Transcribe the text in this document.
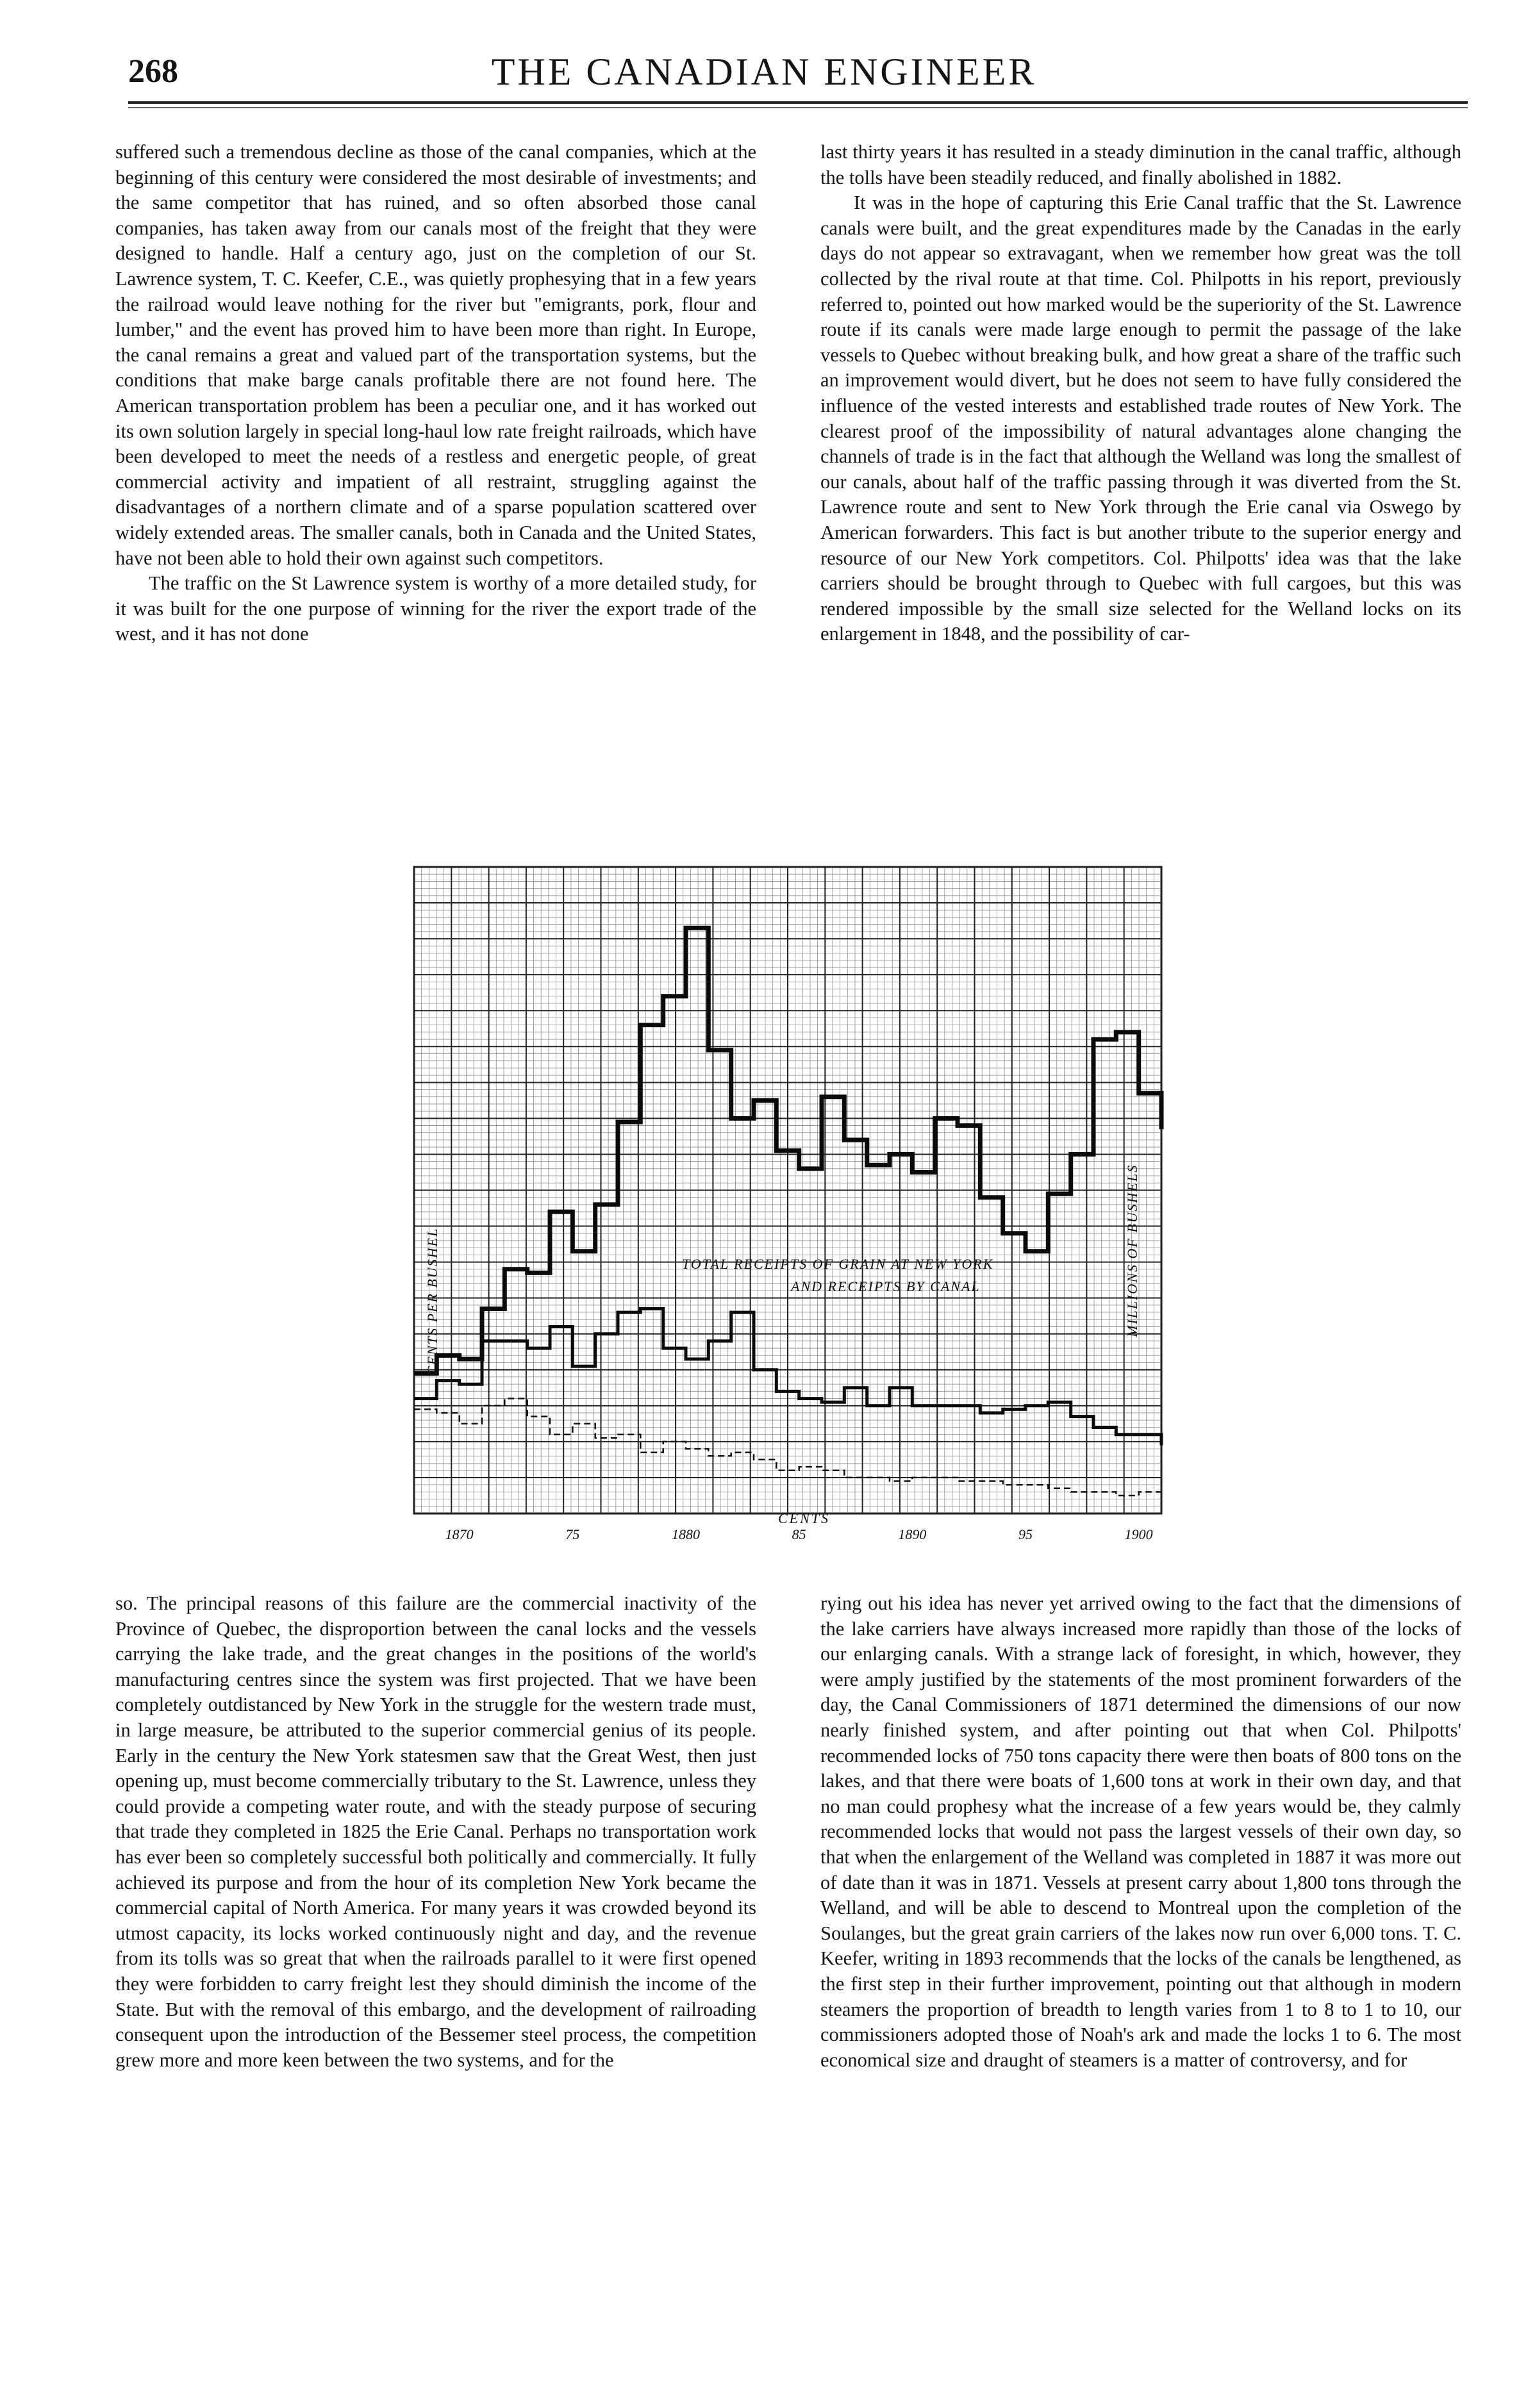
268	THE CANADIAN ENGINEER

suffered such a tremendous decline as those of the canal companies, which at the beginning of this century were considered the most desirable of investments; and the same competitor that has ruined, and so often absorbed those canal companies, has taken away from our canals most of the freight that they were designed to handle. Half a century ago, just on the completion of our St. Lawrence system, T. C. Keefer, C.E., was quietly prophesying that in a few years the railroad would leave nothing for the river but "emigrants, pork, flour and lumber," and the event has proved him to have been more than right. In Europe, the canal remains a great and valued part of the transportation systems, but the conditions that make barge canals profitable there are not found here. The American transportation problem has been a peculiar one, and it has worked out its own solution largely in special long-haul low rate freight railroads, which have been developed to meet the needs of a restless and energetic people, of great commercial activity and impatient of all restraint, struggling against the disadvantages of a northern climate and of a sparse population scattered over widely extended areas. The smaller canals, both in Canada and the United States, have not been able to hold their own against such competitors.

The traffic on the St Lawrence system is worthy of a more detailed study, for it was built for the one purpose of winning for the river the export trade of the west, and it has not done

last thirty years it has resulted in a steady diminution in the canal traffic, although the tolls have been steadily reduced, and finally abolished in 1882.

It was in the hope of capturing this Erie Canal traffic that the St. Lawrence canals were built, and the great expenditures made by the Canadas in the early days do not appear so extravagant, when we remember how great was the toll collected by the rival route at that time. Col. Philpotts in his report, previously referred to, pointed out how marked would be the superiority of the St. Lawrence route if its canals were made large enough to permit the passage of the lake vessels to Quebec without breaking bulk, and how great a share of the traffic such an improvement would divert, but he does not seem to have fully considered the influence of the vested interests and established trade routes of New York. The clearest proof of the impossibility of natural advantages alone changing the channels of trade is in the fact that although the Welland was long the smallest of our canals, about half of the traffic passing through it was diverted from the St. Lawrence route and sent to New York through the Erie canal via Oswego by American forwarders. This fact is but another tribute to the superior energy and resource of our New York competitors. Col. Philpotts' idea was that the lake carriers should be brought through to Quebec with full cargoes, but this was rendered impossible by the small size selected for the Welland locks on its enlargement in 1848, and the possibility of car-

TOTAL RECEIPTS OF GRAIN AT NEW YORK
AND RECEIPTS BY CANAL
CENTS
CENTS PER BUSHEL	MILLIONS OF BUSHELS
1870	75	1880	85	1890	95	1900

so. The principal reasons of this failure are the commercial inactivity of the Province of Quebec, the disproportion between the canal locks and the vessels carrying the lake trade, and the great changes in the positions of the world's manufacturing centres since the system was first projected. That we have been completely outdistanced by New York in the struggle for the western trade must, in large measure, be attributed to the superior commercial genius of its people. Early in the century the New York statesmen saw that the Great West, then just opening up, must become commercially tributary to the St. Lawrence, unless they could provide a competing water route, and with the steady purpose of securing that trade they completed in 1825 the Erie Canal. Perhaps no transportation work has ever been so completely successful both politically and commercially. It fully achieved its purpose and from the hour of its completion New York became the commercial capital of North America. For many years it was crowded beyond its utmost capacity, its locks worked continuously night and day, and the revenue from its tolls was so great that when the railroads parallel to it were first opened they were forbidden to carry freight lest they should diminish the income of the State. But with the removal of this embargo, and the development of railroading consequent upon the introduction of the Bessemer steel process, the competition grew more and more keen between the two systems, and for the

rying out his idea has never yet arrived owing to the fact that the dimensions of the lake carriers have always increased more rapidly than those of the locks of our enlarging canals. With a strange lack of foresight, in which, however, they were amply justified by the statements of the most prominent forwarders of the day, the Canal Commissioners of 1871 determined the dimensions of our now nearly finished system, and after pointing out that when Col. Philpotts' recommended locks of 750 tons capacity there were then boats of 800 tons on the lakes, and that there were boats of 1,600 tons at work in their own day, and that no man could prophesy what the increase of a few years would be, they calmly recommended locks that would not pass the largest vessels of their own day, so that when the enlargement of the Welland was completed in 1887 it was more out of date than it was in 1871. Vessels at present carry about 1,800 tons through the Welland, and will be able to descend to Montreal upon the completion of the Soulanges, but the great grain carriers of the lakes now run over 6,000 tons. T. C. Keefer, writing in 1893 recommends that the locks of the canals be lengthened, as the first step in their further improvement, pointing out that although in modern steamers the proportion of breadth to length varies from 1 to 8 to 1 to 10, our commissioners adopted those of Noah's ark and made the locks 1 to 6. The most economical size and draught of steamers is a matter of controversy, and for
